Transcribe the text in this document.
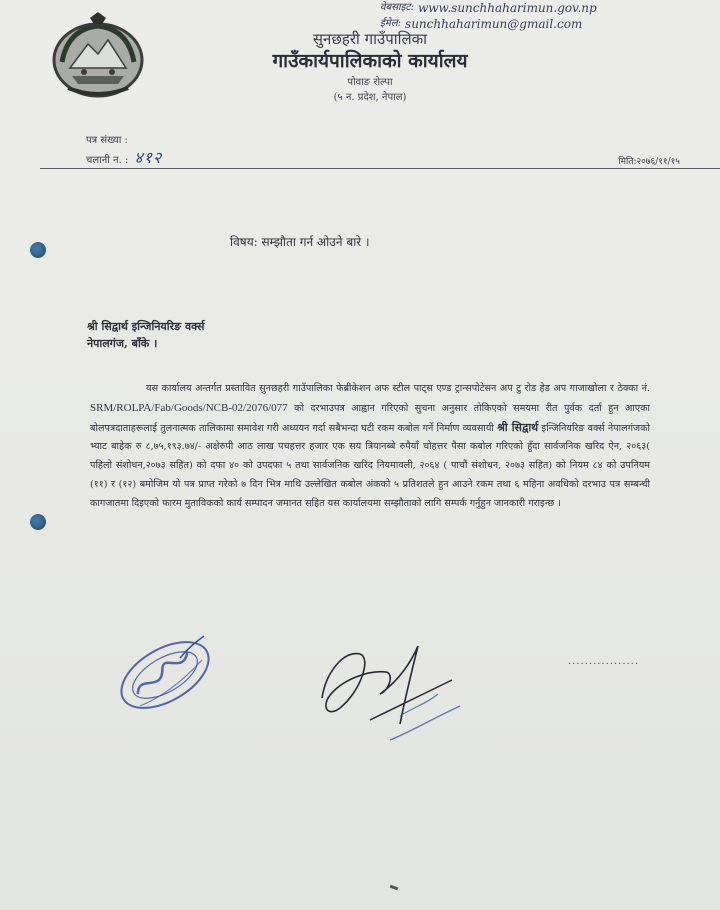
वेबसाइट: www.sunchhaharimun.gov.np
ईमेल: sunchhaharimun@gmail.com
सुनछहरी गाउँपालिका
गाउँकार्यपालिकाको कार्यालय
पोवाङ रोल्पा
(५ न. प्रदेश, नेपाल)
पत्र संख्या :
चलानी न. : ४१२	मिति:२०७६/११/१५
विषय: सम्झौता गर्न ओउने बारे ।
श्री सिद्वार्थ इन्जिनियरिङ वर्क्स
नेपालगंज, बाँके ।

यस कार्यालय अन्तर्गत प्रस्तावित सुनछहरी गाउँपालिका फेब्रीकेशन अफ स्टील पाट्स एण्ड ट्रान्सपोटेसन अप टु रोड हेड अप गाजाखोला र ठेक्का नं. SRM/ROLPA/Fab/Goods/NCB-02/2076/077 को दरभाउपत्र आह्वान गरिएको सुचना अनुसार तोकिएको समयमा रीत पुर्वक दर्ता हुन आएका बोलपत्रदाताहरूलाई तुलनात्मक तालिकामा समावेश गरी अध्ययन गर्दा सबैभन्दा घटी रकम कबोल गर्ने निर्माण व्यवसायी श्री सिद्वार्थ इन्जिनियरिङ वर्क्स नेपालगंजको भ्याट बाहेक रु ८,७५,१९३.७४/- अक्षेरुपी आठ लाख पचहत्तर हजार एक सय त्रियानब्बे रुपैयाँ चोहत्तर पैसा कबोल गरिएको हुँदा सार्वजनिक खरिद ऐन, २०६३( पहिलो संशोधन,२०७३ सहित) को दफा ४० को उपदफा ५ तथा सार्वजनिक खरिद नियमावली, २०६४ ( पाचौं संशोधन, २०७३ सहित) को नियम ८४ को उपनियम (११) र (१२) बमोजिम यो पत्र प्राप्त गरेको ७ दिन भित्र माथि उल्लेखित कबोल अंकको ५ प्रतिशतले हुन आउने रकम तथा ६ महिना अवधिको दरभाउ पत्र सम्बन्धी कागजातमा दिइएको फारम मुताविकको कार्य सम्पादन जमानत सहित यस कार्यालयमा सम्झौताको लागि सम्पर्क गर्नुहुन जानकारी गराइन्छ ।

.................
